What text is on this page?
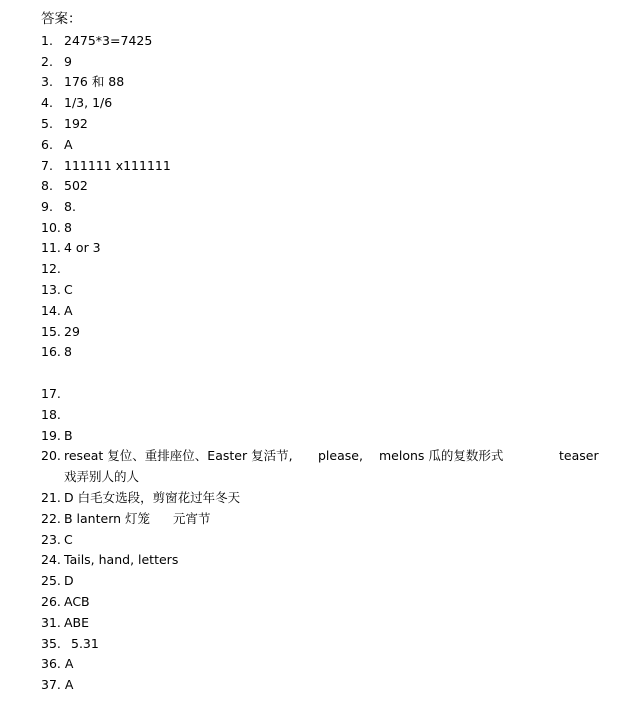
答案：
1. 2475*3=7425
2. 9
3. 176 和 88
4. 1/3, 1/6
5. 192
6. A
7. 111111 x111111
8. 502
9. 8.
10. 8
11. 4 or 3
12.
13. C
14. A
15. 29
16. 8
17.
18.
19. B
20. reseat 复位、重排座位、Easter 复活节, please, melons 瓜的复数形式	teaser
戏弄别人的人
21. D 白毛女选段，剪窗花过年冬天
22. B lantern 灯笼 元宵节
23. C
24. Tails, hand, letters
25. D
26. ACB
31. ABE
35. 5.31
36. A
37. A
